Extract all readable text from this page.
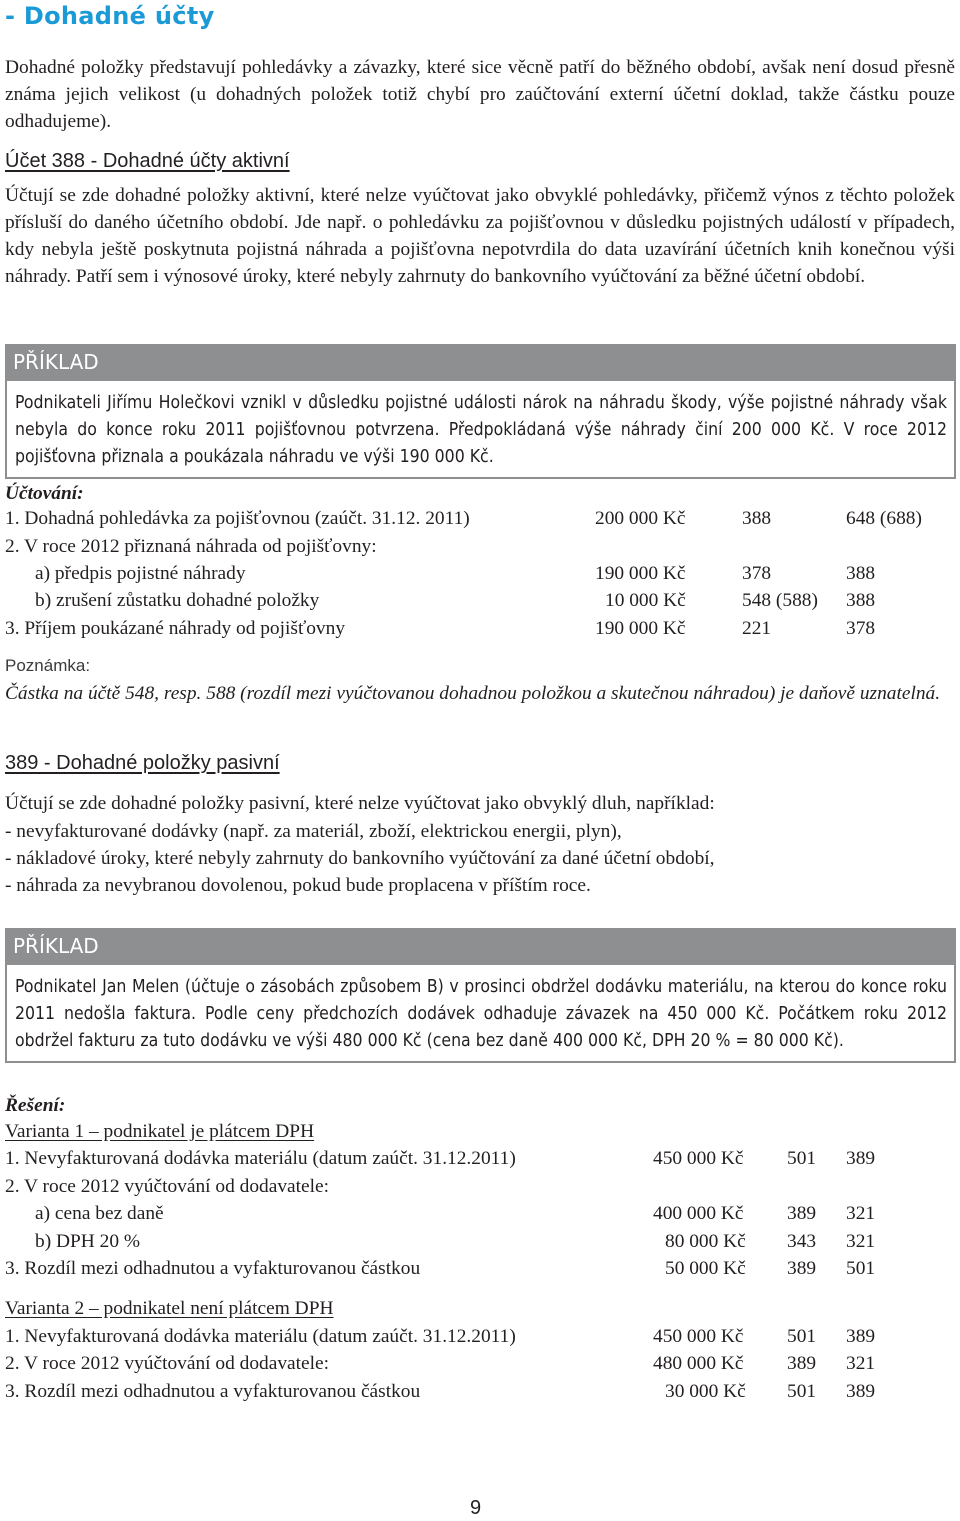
- Dohadné účty
Dohadné položky představují pohledávky a závazky, které sice věcně patří do běžného období, avšak není dosud přesně známa jejich velikost (u dohadných položek totiž chybí pro zaúčtování externí účetní doklad, takže částku pouze odhadujeme).
Účet 388 - Dohadné účty aktivní
Účtují se zde dohadné položky aktivní, které nelze vyúčtovat jako obvyklé pohledávky, přičemž výnos z těchto položek přísluší do daného účetního období. Jde např. o pohledávku za pojišťovnou v důsledku pojistných událostí v případech, kdy nebyla ještě poskytnuta pojistná náhrada a pojišťovna nepotvrdila do data uzavírání účetních knih konečnou výši náhrady. Patří sem i výnosové úroky, které nebyly zahrnuty do bankovního vyúčtování za běžné účetní období.
PŘÍKLAD
Podnikateli Jiřímu Holečkovi vznikl v důsledku pojistné události nárok na náhradu škody, výše pojistné náhrady však nebyla do konce roku 2011 pojišťovnou potvrzena. Předpokládaná výše náhrady činí 200 000 Kč. V roce 2012 pojišťovna přiznala a poukázala náhradu ve výši 190 000 Kč.
Účtování:
1. Dohadná pohledávka za pojišťovnou (zaúčt. 31.12. 2011)	200 000 Kč	388	648 (688)
2. V roce 2012 přiznaná náhrada od pojišťovny:
a) předpis pojistné náhrady	190 000 Kč	378	388
b) zrušení zůstatku dohadné položky	10 000 Kč	548 (588) 388
3. Příjem poukázané náhrady od pojišťovny	190 000 Kč	221	378
Poznámka:
Částka na účtě 548, resp. 588 (rozdíl mezi vyúčtovanou dohadnou položkou a skutečnou náhradou) je daňově uznatelná.
389 - Dohadné položky pasivní
Účtují se zde dohadné položky pasivní, které nelze vyúčtovat jako obvyklý dluh, například:
- nevyfakturované dodávky (např. za materiál, zboží, elektrickou energii, plyn),
- nákladové úroky, které nebyly zahrnuty do bankovního vyúčtování za dané účetní období,
- náhrada za nevybranou dovolenou, pokud bude proplacena v příštím roce.
PŘÍKLAD
Podnikatel Jan Melen (účtuje o zásobách způsobem B) v prosinci obdržel dodávku materiálu, na kterou do konce roku 2011 nedošla faktura. Podle ceny předchozích dodávek odhaduje závazek na 450 000 Kč. Počátkem roku 2012 obdržel fakturu za tuto dodávku ve výši 480 000 Kč (cena bez daně 400 000 Kč, DPH 20 % = 80 000 Kč).
Řešení:
Varianta 1 – podnikatel je plátcem DPH
1. Nevyfakturovaná dodávka materiálu (datum zaúčt. 31.12.2011)	450 000 Kč 501 389
2. V roce 2012 vyúčtování od dodavatele:
a) cena bez daně	400 000 Kč 389 321
b) DPH 20 %	80 000 Kč 343 321
3. Rozdíl mezi odhadnutou a vyfakturovanou částkou	50 000 Kč 389 501
Varianta 2 – podnikatel není plátcem DPH
1. Nevyfakturovaná dodávka materiálu (datum zaúčt. 31.12.2011)	450 000 Kč 501 389
2. V roce 2012 vyúčtování od dodavatele:	480 000 Kč 389 321
3. Rozdíl mezi odhadnutou a vyfakturovanou částkou	30 000 Kč 501 389
9
